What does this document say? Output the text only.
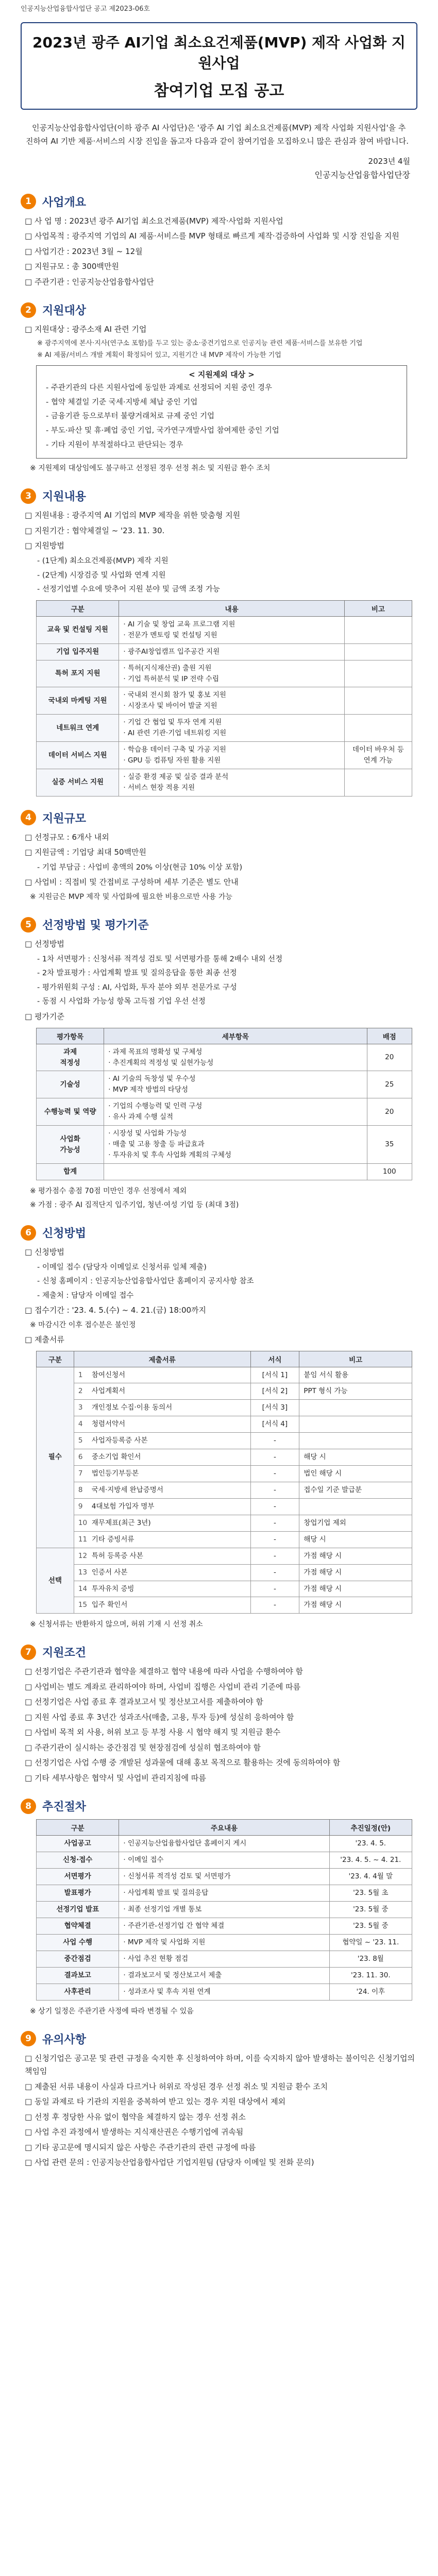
인공지능산업융합사업단 공고 제2023-06호
2023년 광주 AI기업 최소요건제품(MVP) 제작 사업화 지원사업
참여기업 모집 공고
인공지능산업융합사업단(이하 광주 AI 사업단)은 '광주 AI 기업 최소요건제품(MVP) 제작 사업화 지원사업'을 추진하여 AI 기반 제품·서비스의 시장 진입을 돕고자 다음과 같이 참여기업을 모집하오니 많은 관심과 참여 바랍니다.
2023년 4월
인공지능산업융합사업단장
1 사업개요
□ 사 업 명 : 2023년 광주 AI기업 최소요건제품(MVP) 제작·사업화 지원사업
□ 사업목적 : 광주지역 기업의 AI 제품·서비스를 MVP 형태로 빠르게 제작·검증하여 사업화 및 시장 진입을 지원
□ 사업기간 : 2023년 3월 ~ 12월
□ 지원규모 : 총 300백만원
□ 주관기관 : 인공지능산업융합사업단
2 지원대상
□ 지원대상 : 광주소재 AI 관련 기업
※ 광주지역에 본사·지사(연구소 포함)를 두고 있는 중소·중견기업으로 인공지능 관련 제품·서비스를 보유한 기업
※ AI 제품/서비스 개발 계획이 확정되어 있고, 지원기간 내 MVP 제작이 가능한 기업
< 지원제외 대상 >
- 주관기관의 다른 지원사업에 동일한 과제로 선정되어 지원 중인 경우
- 협약 체결일 기준 국세·지방세 체납 중인 기업
- 금융기관 등으로부터 불량거래처로 규제 중인 기업
- 부도·파산 및 휴·폐업 중인 기업, 국가연구개발사업 참여제한 중인 기업
- 기타 지원이 부적절하다고 판단되는 경우
※ 지원제외 대상임에도 불구하고 선정된 경우 선정 취소 및 지원금 환수 조치
3 지원내용
□ 지원내용 : 광주지역 AI 기업의 MVP 제작을 위한 맞춤형 지원
□ 지원기간 : 협약체결일 ~ '23. 11. 30.
□ 지원방법
- (1단계) 최소요건제품(MVP) 제작 지원
- (2단계) 시장검증 및 사업화 연계 지원
- 선정기업별 수요에 맞추어 지원 분야 및 금액 조정 가능
구분	내용	비고
교육 및 컨설팅 지원	· AI 기술 및 창업 교육 프로그램 지원
· 전문가 멘토링 및 컨설팅 지원	
기업 입주지원	· 광주AI창업캠프 입주공간 지원	
특허 포지 지원	· 특허(지식재산권) 출원 지원
· 기업 특허분석 및 IP 전략 수립	
국내외 마케팅 지원	· 국내외 전시회 참가 및 홍보 지원
· 시장조사 및 바이어 발굴 지원	
네트워크 연계	· 기업 간 협업 및 투자 연계 지원
· AI 관련 기관·기업 네트워킹 지원	
데이터 서비스 지원	· 학습용 데이터 구축 및 가공 지원
· GPU 등 컴퓨팅 자원 활용 지원	데이터 바우처 등 연계 가능
실증 서비스 지원	· 실증 환경 제공 및 실증 결과 분석
· 서비스 현장 적용 지원	
4 지원규모
□ 선정규모 : 6개사 내외
□ 지원금액 : 기업당 최대 50백만원
- 기업 부담금 : 사업비 총액의 20% 이상(현금 10% 이상 포함)
□ 사업비 : 직접비 및 간접비로 구성하며 세부 기준은 별도 안내
※ 지원금은 MVP 제작 및 사업화에 필요한 비용으로만 사용 가능
5 선정방법 및 평가기준
□ 선정방법
- 1차 서면평가 : 신청서류 적격성 검토 및 서면평가를 통해 2배수 내외 선정
- 2차 발표평가 : 사업계획 발표 및 질의응답을 통한 최종 선정
- 평가위원회 구성 : AI, 사업화, 투자 분야 외부 전문가로 구성
- 동점 시 사업화 가능성 항목 고득점 기업 우선 선정
□ 평가기준
평가항목	세부항목	배점
과제
적정성	· 과제 목표의 명확성 및 구체성
· 추진계획의 적정성 및 실현가능성	20
기술성	· AI 기술의 독창성 및 우수성
· MVP 제작 방법의 타당성	25
수행능력 및 역량	· 기업의 수행능력 및 인력 구성
· 유사 과제 수행 실적	20
사업화
가능성	· 시장성 및 사업화 가능성
· 매출 및 고용 창출 등 파급효과
· 투자유치 및 후속 사업화 계획의 구체성	35
합계		100
※ 평가점수 총점 70점 미만인 경우 선정에서 제외
※ 가점 : 광주 AI 집적단지 입주기업, 청년·여성 기업 등 (최대 3점)
6 신청방법
□ 신청방법
- 이메일 접수 (담당자 이메일로 신청서류 일체 제출)
- 신청 홈페이지 : 인공지능산업융합사업단 홈페이지 공지사항 참조
- 제출처 : 담당자 이메일 접수
□ 접수기간 : '23. 4. 5.(수) ~ 4. 21.(금) 18:00까지
※ 마감시간 이후 접수분은 불인정
□ 제출서류
구분	제출서류	서식	비고
필수	1 참여신청서	[서식 1]	붙임 서식 활용
	2 사업계획서	[서식 2]	PPT 형식 가능
	3 개인정보 수집·이용 동의서	[서식 3]	
	4 청렴서약서	[서식 4]	
	5 사업자등록증 사본	-	
	6 중소기업 확인서	-	해당 시
	7 법인등기부등본	-	법인 해당 시
	8 국세·지방세 완납증명서	-	접수일 기준 발급분
	9 4대보험 가입자 명부	-	
	10 재무제표(최근 3년)	-	창업기업 제외
	11 기타 증빙서류	-	해당 시
선택	12 특허 등록증 사본	-	가점 해당 시
	13 인증서 사본	-	가점 해당 시
	14 투자유치 증빙	-	가점 해당 시
	15 입주 확인서	-	가점 해당 시
※ 신청서류는 반환하지 않으며, 허위 기재 시 선정 취소
7 지원조건
□ 선정기업은 주관기관과 협약을 체결하고 협약 내용에 따라 사업을 수행하여야 함
□ 사업비는 별도 계좌로 관리하여야 하며, 사업비 집행은 사업비 관리 기준에 따름
□ 선정기업은 사업 종료 후 결과보고서 및 정산보고서를 제출하여야 함
□ 지원 사업 종료 후 3년간 성과조사(매출, 고용, 투자 등)에 성실히 응하여야 함
□ 사업비 목적 외 사용, 허위 보고 등 부정 사용 시 협약 해지 및 지원금 환수
□ 주관기관이 실시하는 중간점검 및 현장점검에 성실히 협조하여야 함
□ 선정기업은 사업 수행 중 개발된 성과물에 대해 홍보 목적으로 활용하는 것에 동의하여야 함
□ 기타 세부사항은 협약서 및 사업비 관리지침에 따름
8 추진절차
구분	주요내용	추진일정(안)
사업공고	· 인공지능산업융합사업단 홈페이지 게시	'23. 4. 5.
신청·접수	· 이메일 접수	'23. 4. 5. ~ 4. 21.
서면평가	· 신청서류 적격성 검토 및 서면평가	'23. 4. 4월 말
발표평가	· 사업계획 발표 및 질의응답	'23. 5월 초
선정기업 발표	· 최종 선정기업 개별 통보	'23. 5월 중
협약체결	· 주관기관-선정기업 간 협약 체결	'23. 5월 중
사업 수행	· MVP 제작 및 사업화 지원	협약일 ~ '23. 11.
중간점검	· 사업 추진 현황 점검	'23. 8월
결과보고	· 결과보고서 및 정산보고서 제출	'23. 11. 30.
사후관리	· 성과조사 및 후속 지원 연계	'24. 이후
※ 상기 일정은 주관기관 사정에 따라 변경될 수 있음
9 유의사항
□ 신청기업은 공고문 및 관련 규정을 숙지한 후 신청하여야 하며, 이를 숙지하지 않아 발생하는 불이익은 신청기업의 책임임
□ 제출된 서류 내용이 사실과 다르거나 허위로 작성된 경우 선정 취소 및 지원금 환수 조치
□ 동일 과제로 타 기관의 지원을 중복하여 받고 있는 경우 지원 대상에서 제외
□ 선정 후 정당한 사유 없이 협약을 체결하지 않는 경우 선정 취소
□ 사업 추진 과정에서 발생하는 지식재산권은 수행기업에 귀속됨
□ 기타 공고문에 명시되지 않은 사항은 주관기관의 관련 규정에 따름
□ 사업 관련 문의 : 인공지능산업융합사업단 기업지원팀 (담당자 이메일 및 전화 문의)
